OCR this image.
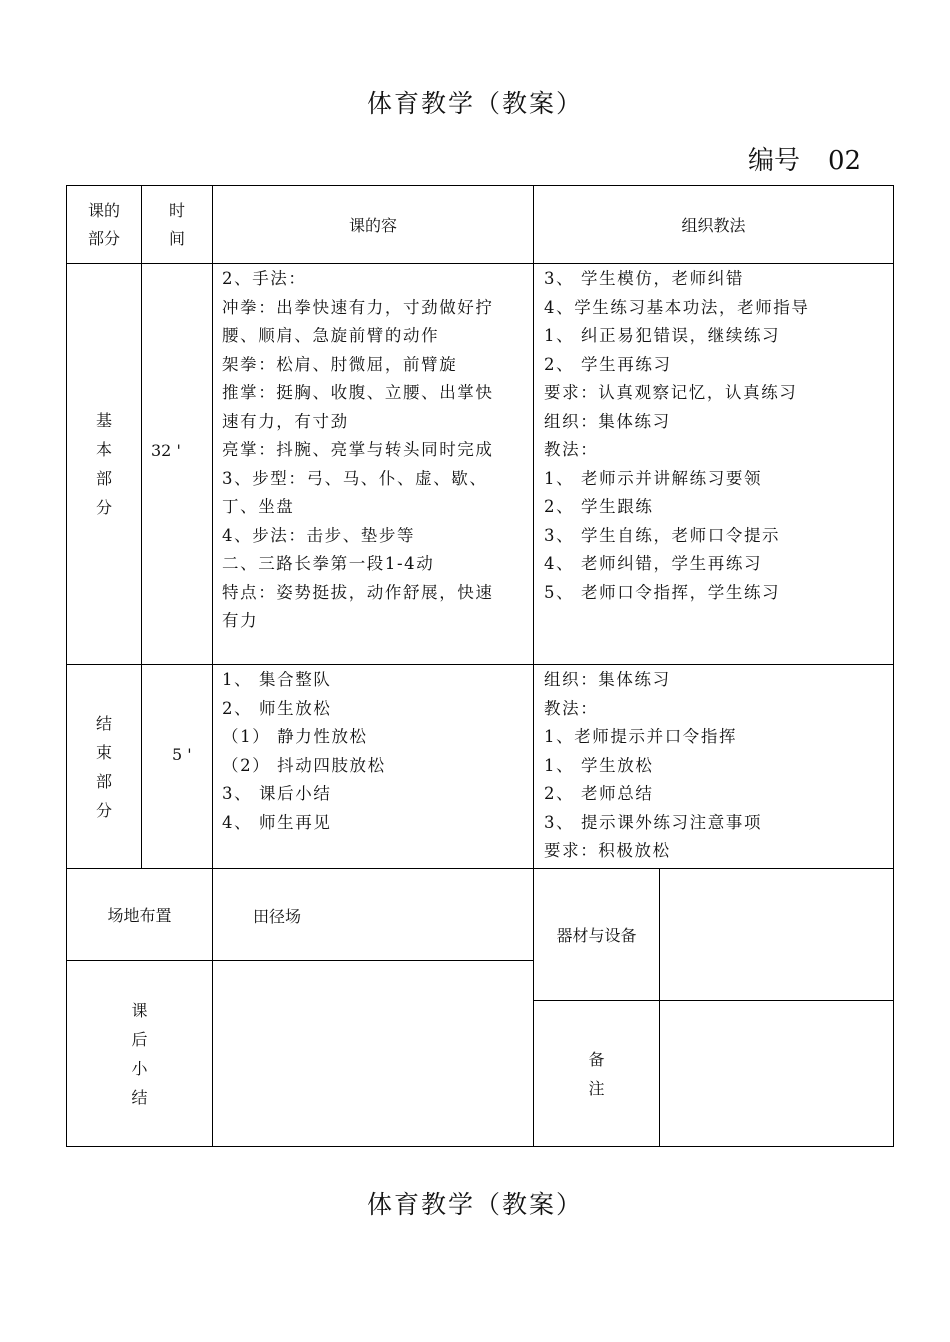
体育教学（教案）
编号 02
课的
部分
时
间
课的容	组织教法
基
本
部
分
32 '
2、手法：
冲拳：出拳快速有力，寸劲做好拧
腰、顺肩、急旋前臂的动作
架拳：松肩、肘微屈，前臂旋
推掌：挺胸、收腹、立腰、出掌快
速有力，有寸劲
亮掌：抖腕、亮掌与转头同时完成
3、步型：弓、马、仆、虚、歇、
丁、坐盘
4、步法：击步、垫步等
二、三路长拳第一段1-4动
特点：姿势挺拔，动作舒展，快速
有力
3、 学生模仿，老师纠错
4、学生练习基本功法，老师指导
1、 纠正易犯错误，继续练习
2、 学生再练习
要求：认真观察记忆，认真练习
组织：集体练习
教法：
1、 老师示并讲解练习要领
2、 学生跟练
3、 学生自练，老师口令提示
4、 老师纠错，学生再练习
5、 老师口令指挥，学生练习
结
束
部
分
5 '
1、 集合整队
2、 师生放松
（1） 静力性放松
（2） 抖动四肢放松
3、 课后小结
4、 师生再见
组织：集体练习
教法：
1、老师提示并口令指挥
1、 学生放松
2、 老师总结
3、 提示课外练习注意事项
要求：积极放松
场地布置	田径场
器材与设备
课
后
小
结
备
注
体育教学（教案）
